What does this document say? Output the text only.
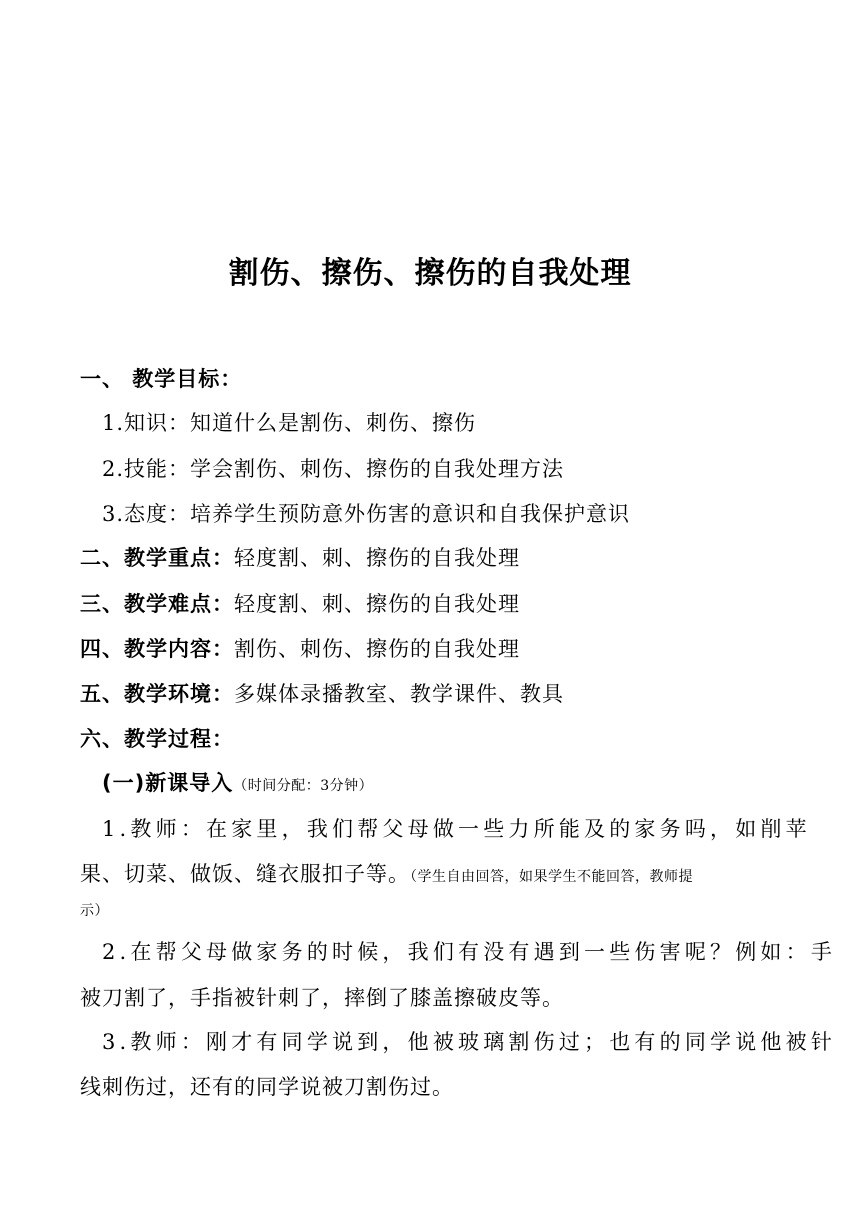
割伤、擦伤、擦伤的自我处理
一、 教学目标：
1.知识：知道什么是割伤、刺伤、擦伤
2.技能：学会割伤、刺伤、擦伤的自我处理方法
3.态度：培养学生预防意外伤害的意识和自我保护意识
二、教学重点：轻度割、刺、擦伤的自我处理
三、教学难点：轻度割、刺、擦伤的自我处理
四、教学内容：割伤、刺伤、擦伤的自我处理
五、教学环境：多媒体录播教室、教学课件、教具
六、教学过程：
(一)新课导入（时间分配：3分钟）
1.教师：在家里，我们帮父母做一些力所能及的家务吗，如削苹
果、切菜、做饭、缝衣服扣子等。（学生自由回答，如果学生不能回答，教师提
示）
2.在帮父母做家务的时候，我们有没有遇到一些伤害呢？例如：手
被刀割了，手指被针刺了，摔倒了膝盖擦破皮等。
3.教师：刚才有同学说到，他被玻璃割伤过；也有的同学说他被针
线刺伤过，还有的同学说被刀割伤过。
